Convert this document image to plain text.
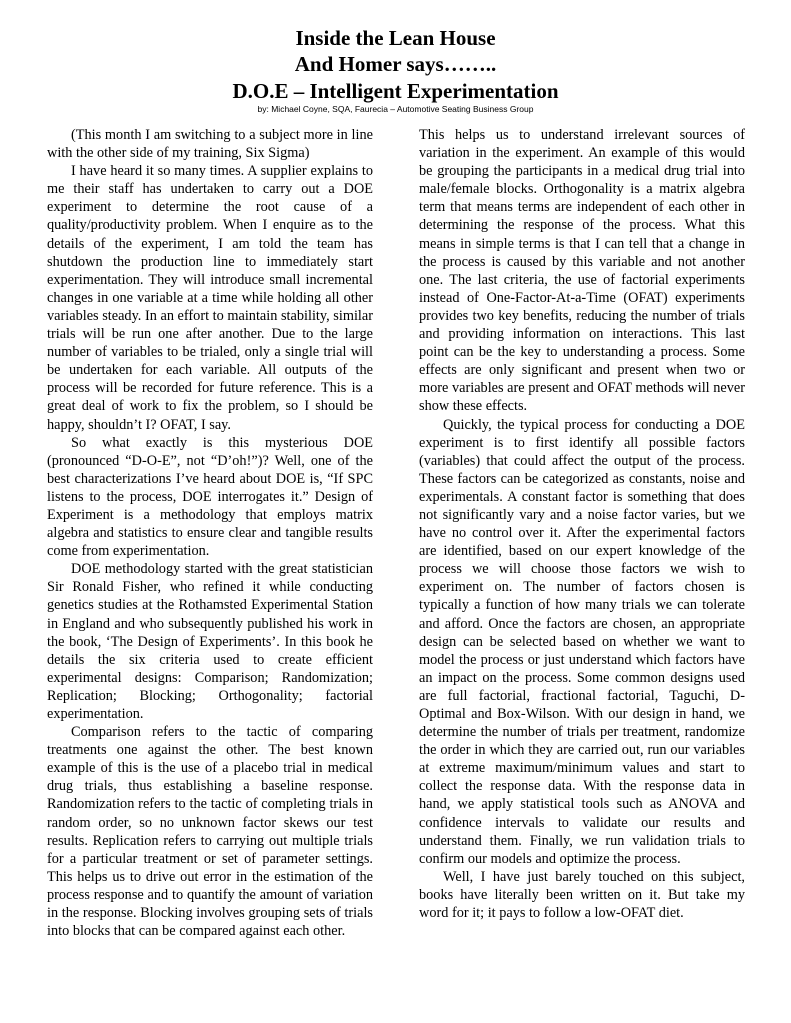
Inside the Lean House
And Homer says……..
D.O.E – Intelligent Experimentation
by: Michael Coyne, SQA, Faurecia – Automotive Seating Business Group

(This month I am switching to a subject more in line with the other side of my training, Six Sigma)

I have heard it so many times. A supplier explains to me their staff has undertaken to carry out a DOE experiment to determine the root cause of a quality/productivity problem. When I enquire as to the details of the experiment, I am told the team has shutdown the production line to immediately start experimentation. They will introduce small incremental changes in one variable at a time while holding all other variables steady. In an effort to maintain stability, similar trials will be run one after another. Due to the large number of variables to be trialed, only a single trial will be undertaken for each variable. All outputs of the process will be recorded for future reference. This is a great deal of work to fix the problem, so I should be happy, shouldn’t I? OFAT, I say.

So what exactly is this mysterious DOE (pronounced “D-O-E”, not “D’oh!”)? Well, one of the best characterizations I’ve heard about DOE is, “If SPC listens to the process, DOE interrogates it.” Design of Experiment is a methodology that employs matrix algebra and statistics to ensure clear and tangible results come from experimentation.

DOE methodology started with the great statistician Sir Ronald Fisher, who refined it while conducting genetics studies at the Rothamsted Experimental Station in England and who subsequently published his work in the book, ‘The Design of Experiments’. In this book he details the six criteria used to create efficient experimental designs: Comparison; Randomization; Replication; Blocking; Orthogonality; factorial experimentation.

Comparison refers to the tactic of comparing treatments one against the other. The best known example of this is the use of a placebo trial in medical drug trials, thus establishing a baseline response. Randomization refers to the tactic of completing trials in random order, so no unknown factor skews our test results. Replication refers to carrying out multiple trials for a particular treatment or set of parameter settings. This helps us to drive out error in the estimation of the process response and to quantify the amount of variation in the response. Blocking involves grouping sets of trials into blocks that can be compared against each other.

This helps us to understand irrelevant sources of variation in the experiment. An example of this would be grouping the participants in a medical drug trial into male/female blocks. Orthogonality is a matrix algebra term that means terms are independent of each other in determining the response of the process. What this means in simple terms is that I can tell that a change in the process is caused by this variable and not another one. The last criteria, the use of factorial experiments instead of One-Factor-At-a-Time (OFAT) experiments provides two key benefits, reducing the number of trials and providing information on interactions. This last point can be the key to understanding a process. Some effects are only significant and present when two or more variables are present and OFAT methods will never show these effects.

Quickly, the typical process for conducting a DOE experiment is to first identify all possible factors (variables) that could affect the output of the process. These factors can be categorized as constants, noise and experimentals. A constant factor is something that does not significantly vary and a noise factor varies, but we have no control over it. After the experimental factors are identified, based on our expert knowledge of the process we will choose those factors we wish to experiment on. The number of factors chosen is typically a function of how many trials we can tolerate and afford. Once the factors are chosen, an appropriate design can be selected based on whether we want to model the process or just understand which factors have an impact on the process. Some common designs used are full factorial, fractional factorial, Taguchi, D-Optimal and Box-Wilson. With our design in hand, we determine the number of trials per treatment, randomize the order in which they are carried out, run our variables at extreme maximum/minimum values and start to collect the response data. With the response data in hand, we apply statistical tools such as ANOVA and confidence intervals to validate our results and understand them. Finally, we run validation trials to confirm our models and optimize the process.

Well, I have just barely touched on this subject, books have literally been written on it. But take my word for it; it pays to follow a low-OFAT diet.
